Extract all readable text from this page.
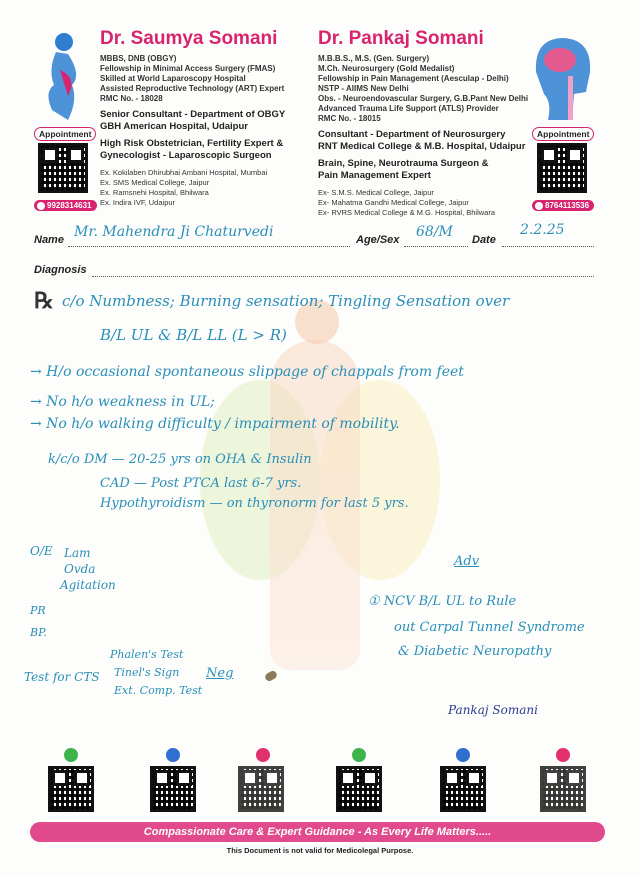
Appointment
9928314631
Dr. Saumya Somani
MBBS, DNB (OBGY)
Fellowship in Minimal Access Surgery (FMAS)
Skilled at World Laparoscopy Hospital
Assisted Reproductive Technology (ART) Expert
RMC No. - 18028
Senior Consultant - Department of OBGY
GBH American Hospital, Udaipur
High Risk Obstetrician, Fertility Expert &
Gynecologist - Laparoscopic Surgeon
Ex. Kokilaben Dhirubhai Ambani Hospital, Mumbai
Ex. SMS Medical College, Jaipur
Ex. Ramsnehi Hospital, Bhilwara
Ex. Indira IVF, Udaipur
Dr. Pankaj Somani
M.B.B.S., M.S. (Gen. Surgery)
M.Ch. Neurosurgery (Gold Medalist)
Fellowship in Pain Management (Aesculap - Delhi)
NSTP - AIIMS New Delhi
Obs. - Neuroendovascular Surgery, G.B.Pant New Delhi
Advanced Trauma Life Support (ATLS) Provider
RMC No. - 18015
Consultant - Department of Neurosurgery
RNT Medical College & M.B. Hospital, Udaipur
Brain, Spine, Neurotrauma Surgeon &
Pain Management Expert
Ex- S.M.S. Medical College, Jaipur
Ex- Mahatma Gandhi Medical College, Jaipur
Ex- RVRS Medical College & M.G. Hospital, Bhilwara
Appointment
8764113536
Name Mr. Mahendra Ji Chaturvedi	Age/Sex 68/M Date
2.2.25
Diagnosis
℞ c/o Numbness; Burning sensation; Tingling Sensation over
B/L UL & B/L LL (L > R)
→ H/o occasional spontaneous slippage of chappals from feet
→ No h/o weakness in UL;
→ No h/o walking difficulty / impairment of mobility.
k/c/o DM — 20-25 yrs on OHA & Insulin
CAD — Post PTCA last 6-7 yrs.
Hypothyroidism — on thyronorm for last 5 yrs.
O/E Lam
Ovda
Agitation
Adv
① NCV B/L UL to Rule
out Carpal Tunnel Syndrome
& Diabetic Neuropathy
PR
BP.
Test for CTS
Phalen's Test
Tinel's Sign
Ext. Comp. Test
Neg
Pankaj Somani
Compassionate Care & Expert Guidance - As Every Life Matters.....
This Document is not valid for Medicolegal Purpose.
